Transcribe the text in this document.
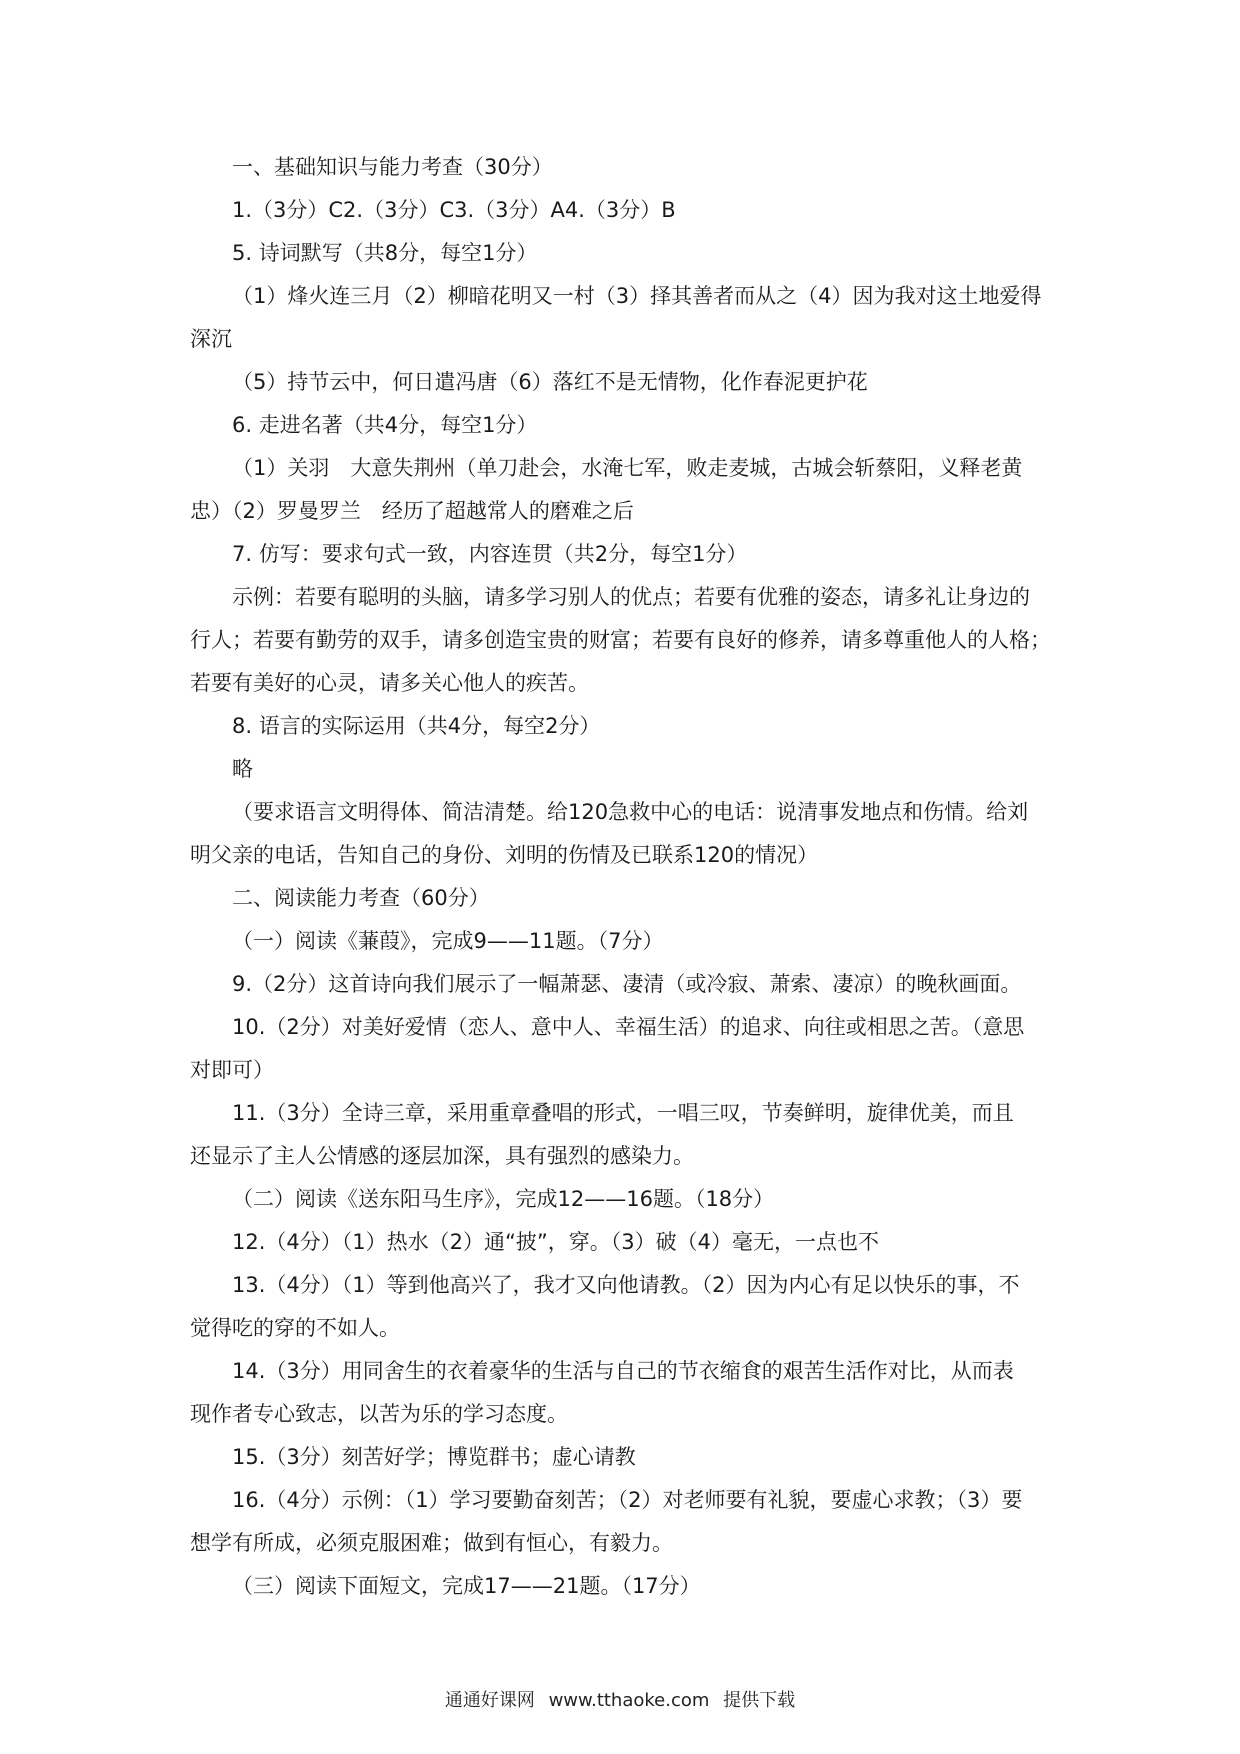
一、基础知识与能力考查（30分）
1.（3分）C2.（3分）C3.（3分）A4.（3分）B
5. 诗词默写（共8分，每空1分）
（1）烽火连三月（2）柳暗花明又一村（3）择其善者而从之（4）因为我对这土地爱得
深沉
（5）持节云中，何日遣冯唐（6）落红不是无情物，化作春泥更护花
6. 走进名著（共4分，每空1分）
（1）关羽　大意失荆州（单刀赴会，水淹七军，败走麦城，古城会斩蔡阳，义释老黄
忠）（2）罗曼罗兰　经历了超越常人的磨难之后
7. 仿写：要求句式一致，内容连贯（共2分，每空1分）
示例：若要有聪明的头脑，请多学习别人的优点；若要有优雅的姿态，请多礼让身边的
行人；若要有勤劳的双手，请多创造宝贵的财富；若要有良好的修养，请多尊重他人的人格；
若要有美好的心灵，请多关心他人的疾苦。
8. 语言的实际运用（共4分，每空2分）
略
（要求语言文明得体、简洁清楚。给120急救中心的电话：说清事发地点和伤情。给刘
明父亲的电话，告知自己的身份、刘明的伤情及已联系120的情况）
二、阅读能力考查（60分）
（一）阅读《蒹葭》，完成9——11题。（7分）
9.（2分）这首诗向我们展示了一幅萧瑟、凄清（或冷寂、萧索、凄凉）的晚秋画面。
10.（2分）对美好爱情（恋人、意中人、幸福生活）的追求、向往或相思之苦。（意思
对即可）
11.（3分）全诗三章，采用重章叠唱的形式，一唱三叹，节奏鲜明，旋律优美，而且
还显示了主人公情感的逐层加深，具有强烈的感染力。
（二）阅读《送东阳马生序》，完成12——16题。（18分）
12.（4分）（1）热水（2）通“披”，穿。（3）破（4）毫无，一点也不
13.（4分）（1）等到他高兴了，我才又向他请教。（2）因为内心有足以快乐的事，不
觉得吃的穿的不如人。
14.（3分）用同舍生的衣着豪华的生活与自己的节衣缩食的艰苦生活作对比，从而表
现作者专心致志，以苦为乐的学习态度。
15.（3分）刻苦好学；博览群书；虚心请教
16.（4分）示例：（1）学习要勤奋刻苦；（2）对老师要有礼貌，要虚心求教；（3）要
想学有所成，必须克服困难；做到有恒心，有毅力。
（三）阅读下面短文，完成17——21题。（17分）
通通好课网 www.tthaoke.com 提供下载
